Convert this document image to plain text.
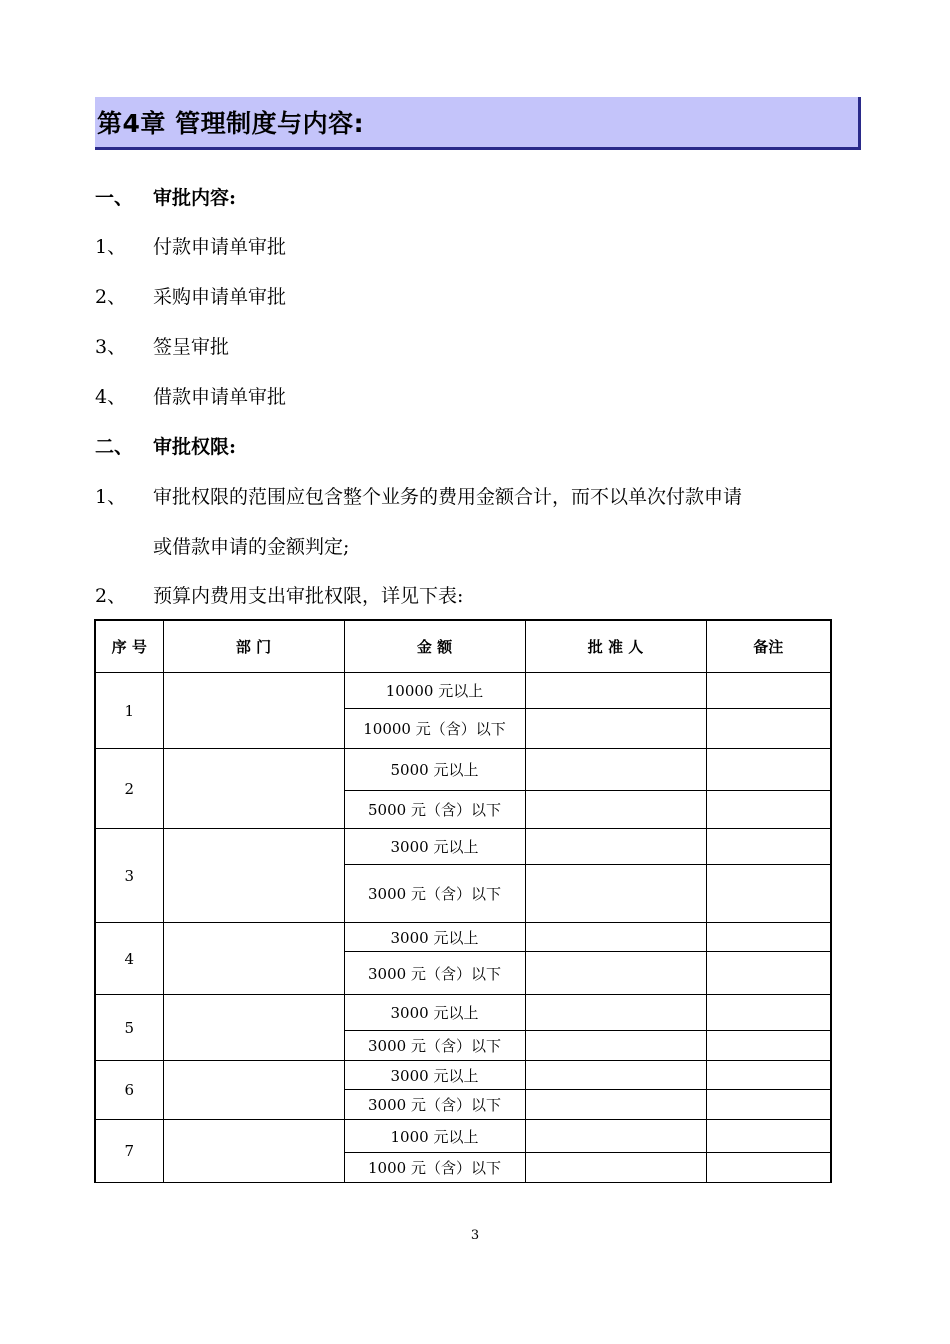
第4章 管理制度与内容:
一、 审批内容:
1、 付款申请单审批
2、 采购申请单审批
3、 签呈审批
4、 借款申请单审批
二、 审批权限:
1、 审批权限的范围应包含整个业务的费用金额合计，而不以单次付款申请
或借款申请的金额判定;
2、 预算内费用支出审批权限，详见下表:
序 号	部 门	金 额	批 准 人	备注
1		10000 元以上		
		10000 元（含）以下		
2		5000 元以上		
		5000 元（含）以下		
3		3000 元以上		
		3000 元（含）以下		
4		3000 元以上		
		3000 元（含）以下		
5		3000 元以上		
		3000 元（含）以下		
6		3000 元以上		
		3000 元（含）以下		
7		1000 元以上		
		1000 元（含）以下		
3
